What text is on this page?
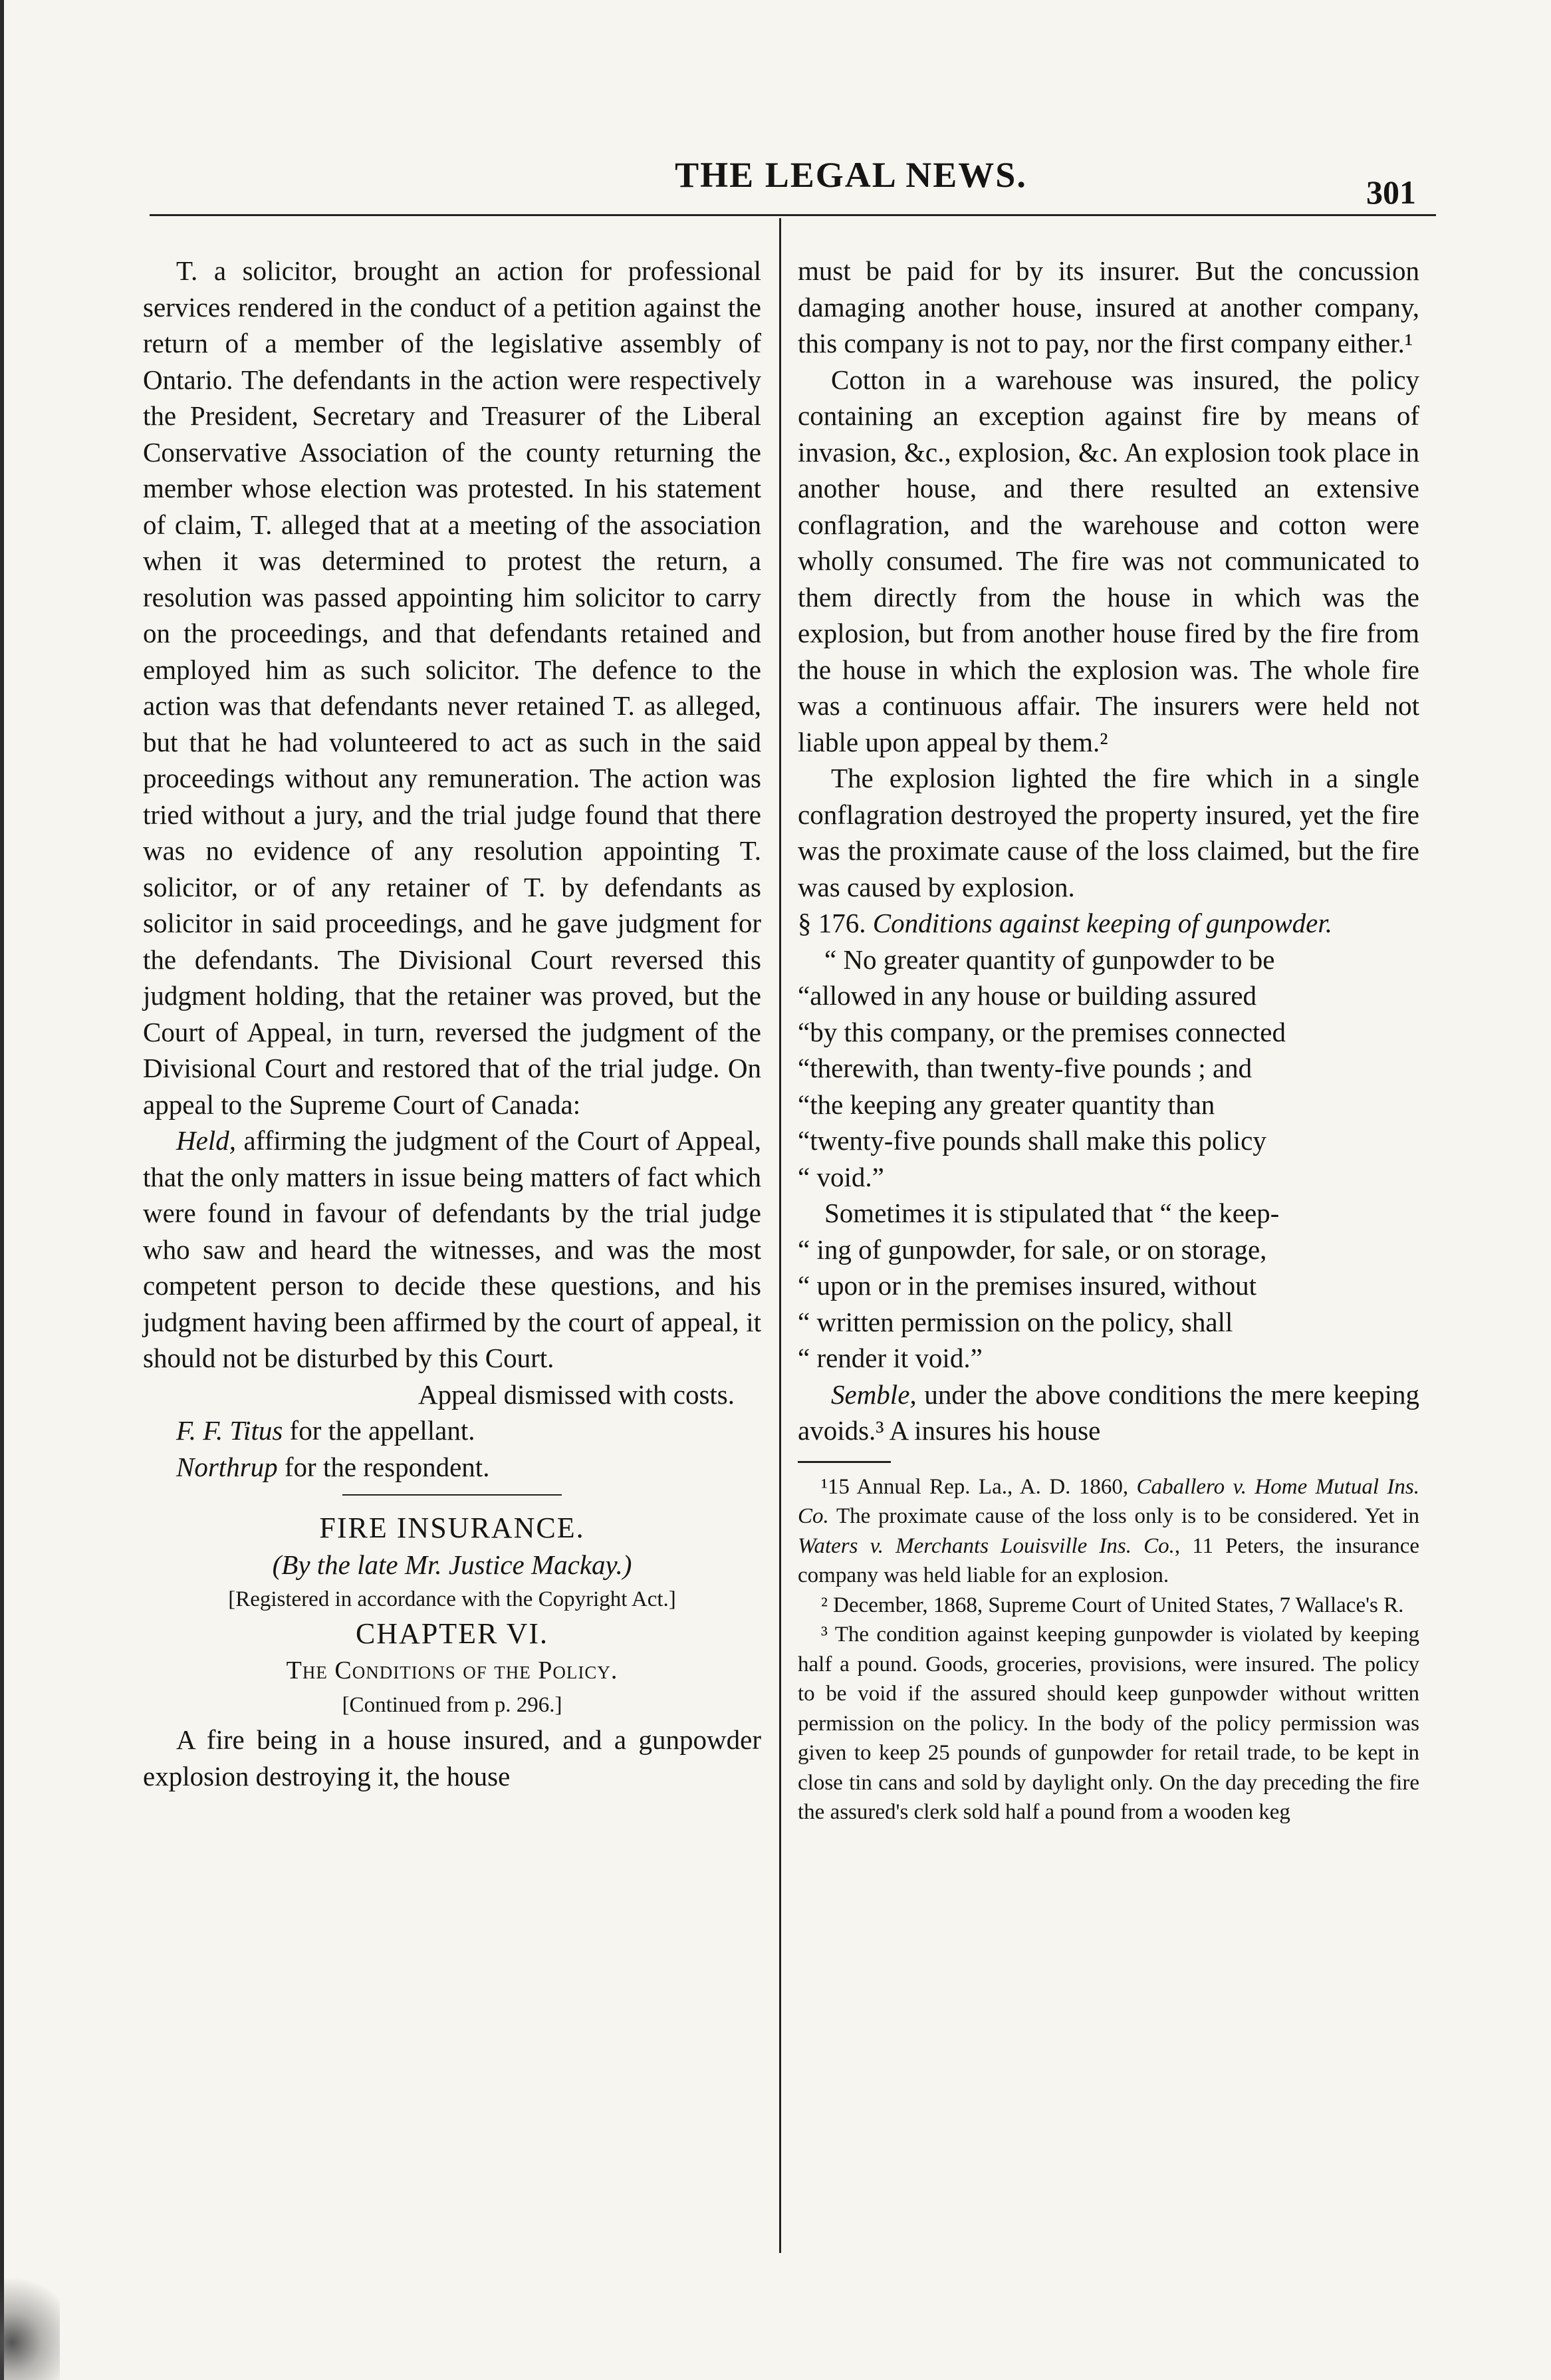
THE LEGAL NEWS.	301

T. a solicitor, brought an action for professional services rendered in the conduct of a petition against the return of a member of the legislative assembly of Ontario. The defendants in the action were respectively the President, Secretary and Treasurer of the Liberal Conservative Association of the county returning the member whose election was protested. In his statement of claim, T. alleged that at a meeting of the association when it was determined to protest the return, a resolution was passed appointing him solicitor to carry on the proceedings, and that defendants retained and employed him as such solicitor. The defence to the action was that defendants never retained T. as alleged, but that he had volunteered to act as such in the said proceedings without any remuneration. The action was tried without a jury, and the trial judge found that there was no evidence of any resolution appointing T. solicitor, or of any retainer of T. by defendants as solicitor in said proceedings, and he gave judgment for the defendants. The Divisional Court reversed this judgment holding, that the retainer was proved, but the Court of Appeal, in turn, reversed the judgment of the Divisional Court and restored that of the trial judge. On appeal to the Supreme Court of Canada:

Held, affirming the judgment of the Court of Appeal, that the only matters in issue being matters of fact which were found in favour of defendants by the trial judge who saw and heard the witnesses, and was the most competent person to decide these questions, and his judgment having been affirmed by the court of appeal, it should not be disturbed by this Court.

Appeal dismissed with costs.

F. F. Titus for the appellant.

Northrup for the respondent.

FIRE INSURANCE.

(By the late Mr. Justice Mackay.)

[Registered in accordance with the Copyright Act.]

CHAPTER VI.

The Conditions of the Policy.

[Continued from p. 296.]

A fire being in a house insured, and a gunpowder explosion destroying it, the house

must be paid for by its insurer. But the concussion damaging another house, insured at another company, this company is not to pay, nor the first company either.¹

Cotton in a warehouse was insured, the policy containing an exception against fire by means of invasion, &c., explosion, &c. An explosion took place in another house, and there resulted an extensive conflagration, and the warehouse and cotton were wholly consumed. The fire was not communicated to them directly from the house in which was the explosion, but from another house fired by the fire from the house in which the explosion was. The whole fire was a continuous affair. The insurers were held not liable upon appeal by them.²

The explosion lighted the fire which in a single conflagration destroyed the property insured, yet the fire was the proximate cause of the loss claimed, but the fire was caused by explosion.

§ 176. Conditions against keeping of gunpowder.

“ No greater quantity of gunpowder to be
“allowed in any house or building assured
“by this company, or the premises connected
“therewith, than twenty-five pounds ; and
“the keeping any greater quantity than
“twenty-five pounds shall make this policy
“ void.”
Sometimes it is stipulated that “ the keep-
“ ing of gunpowder, for sale, or on storage,
“ upon or in the premises insured, without
“ written permission on the policy, shall
“ render it void.”

Semble, under the above conditions the mere keeping avoids.³ A insures his house

¹15 Annual Rep. La., A. D. 1860, Caballero v. Home Mutual Ins. Co. The proximate cause of the loss only is to be considered. Yet in Waters v. Merchants Louisville Ins. Co., 11 Peters, the insurance company was held liable for an explosion.

² December, 1868, Supreme Court of United States, 7 Wallace's R.

³ The condition against keeping gunpowder is violated by keeping half a pound. Goods, groceries, provisions, were insured. The policy to be void if the assured should keep gunpowder without written permission on the policy. In the body of the policy permission was given to keep 25 pounds of gunpowder for retail trade, to be kept in close tin cans and sold by daylight only. On the day preceding the fire the assured's clerk sold half a pound from a wooden keg
